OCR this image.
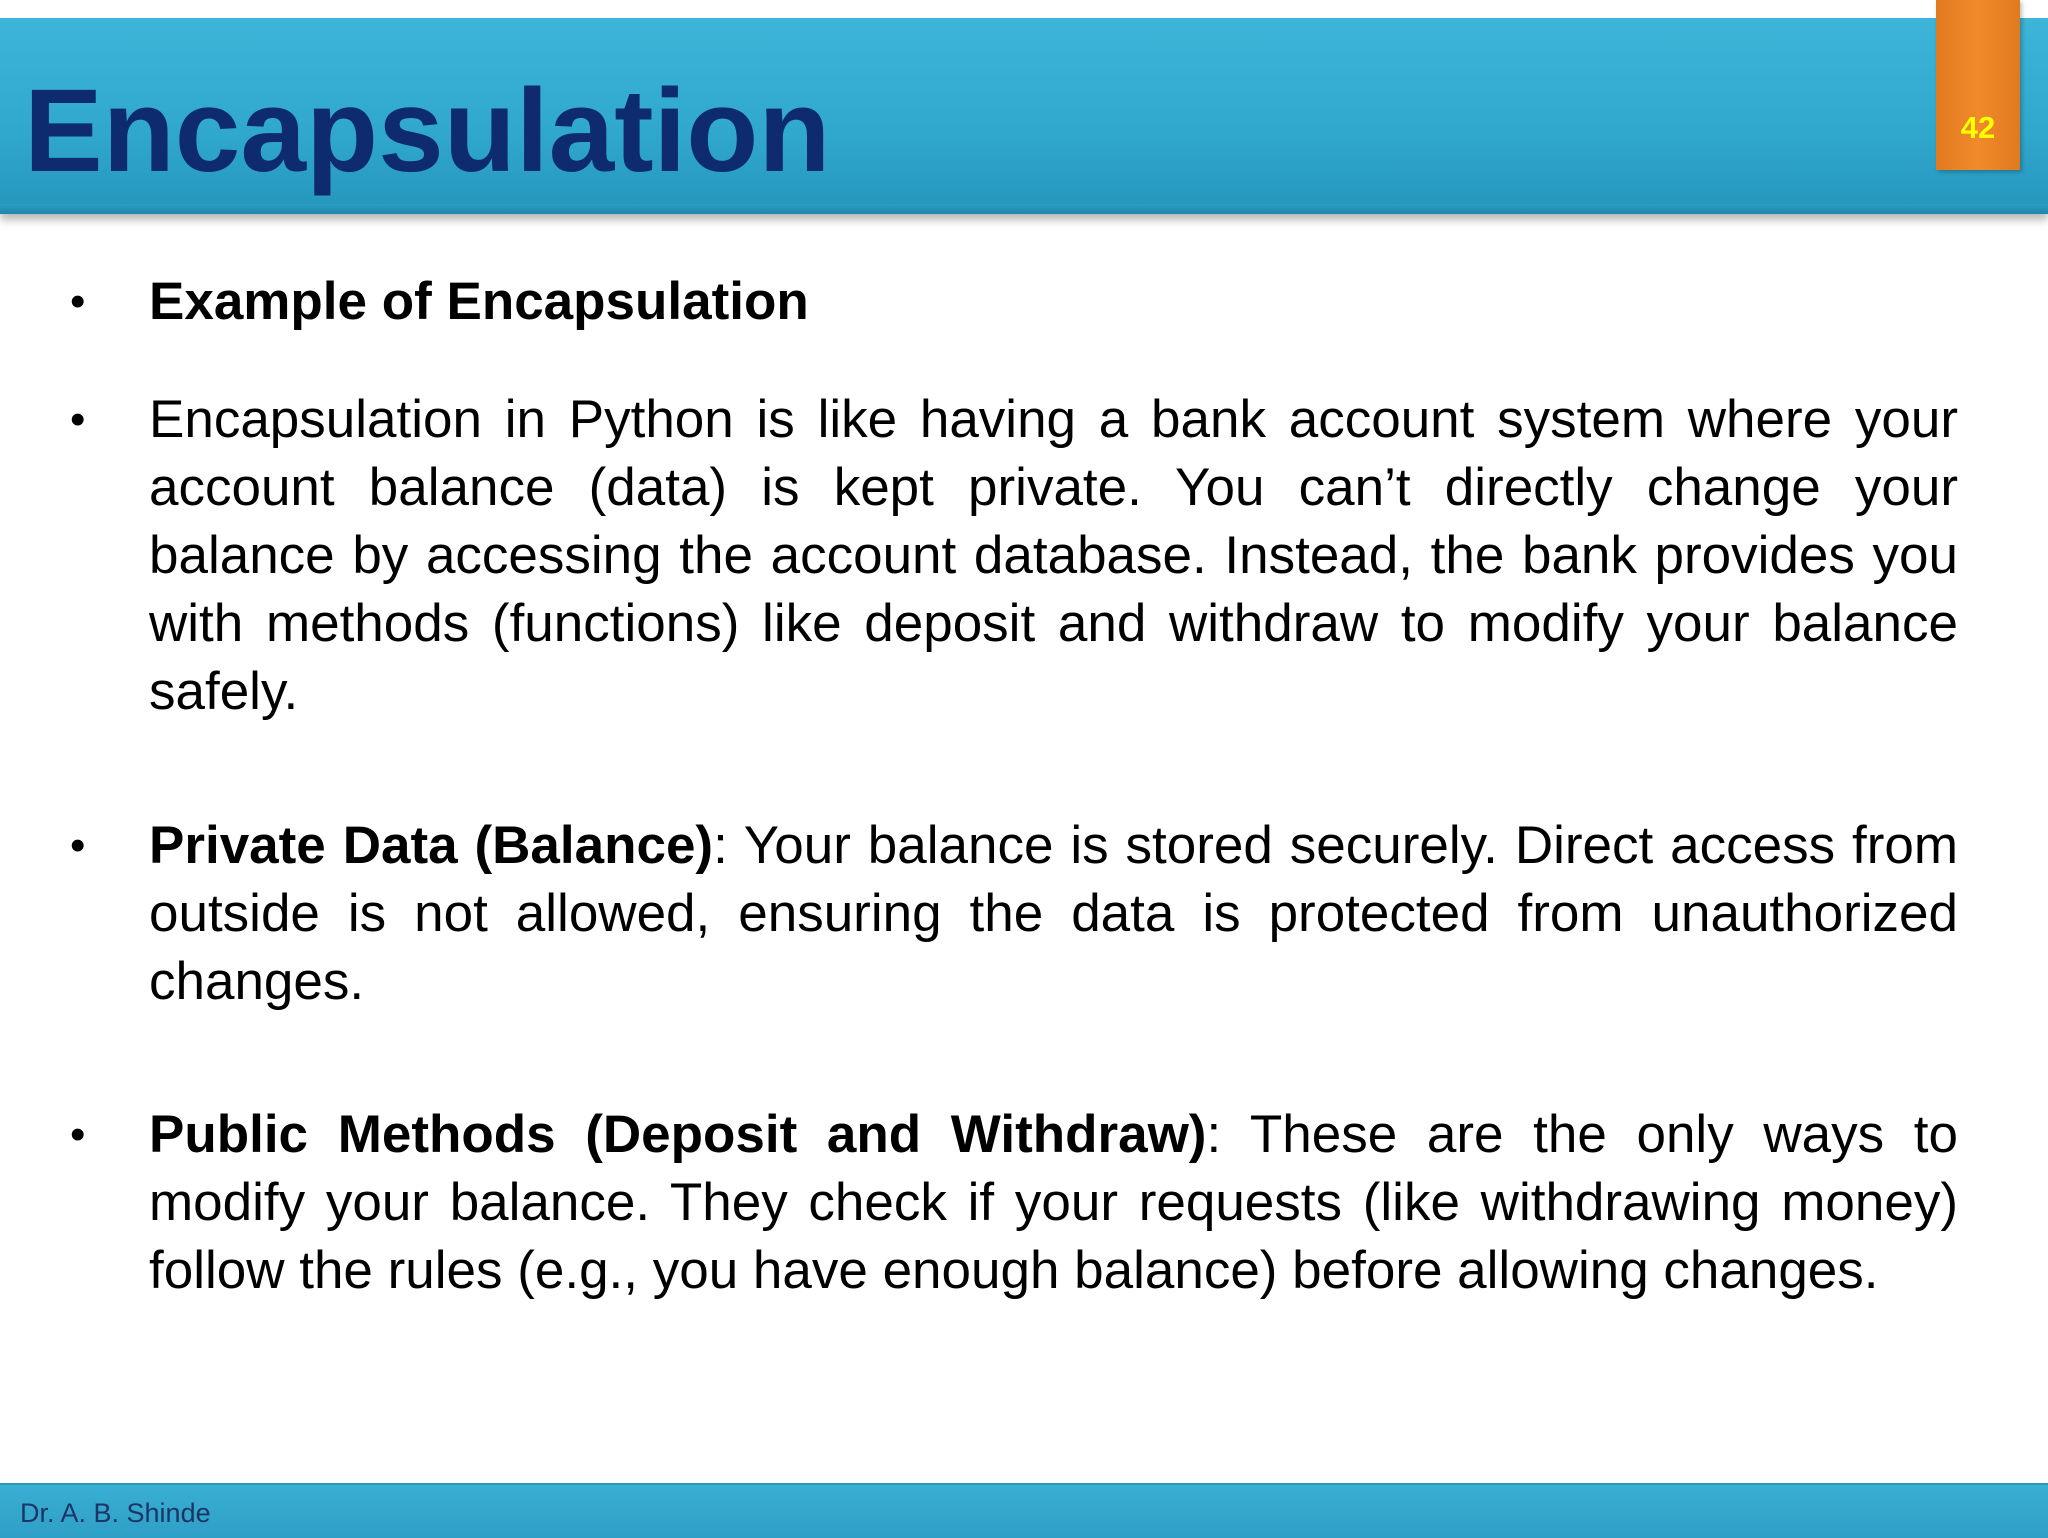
Encapsulation	42
• Example of Encapsulation
• Encapsulation in Python is like having a bank account system where your account balance (data) is kept private. You can’t directly change your balance by accessing the account database. Instead, the bank provides you with methods (functions) like deposit and withdraw to modify your balance safely.
• Private Data (Balance): Your balance is stored securely. Direct access from outside is not allowed, ensuring the data is protected from unauthorized changes.
• Public Methods (Deposit and Withdraw): These are the only ways to modify your balance. They check if your requests (like withdrawing money) follow the rules (e.g., you have enough balance) before allowing changes.
Dr. A. B. Shinde
